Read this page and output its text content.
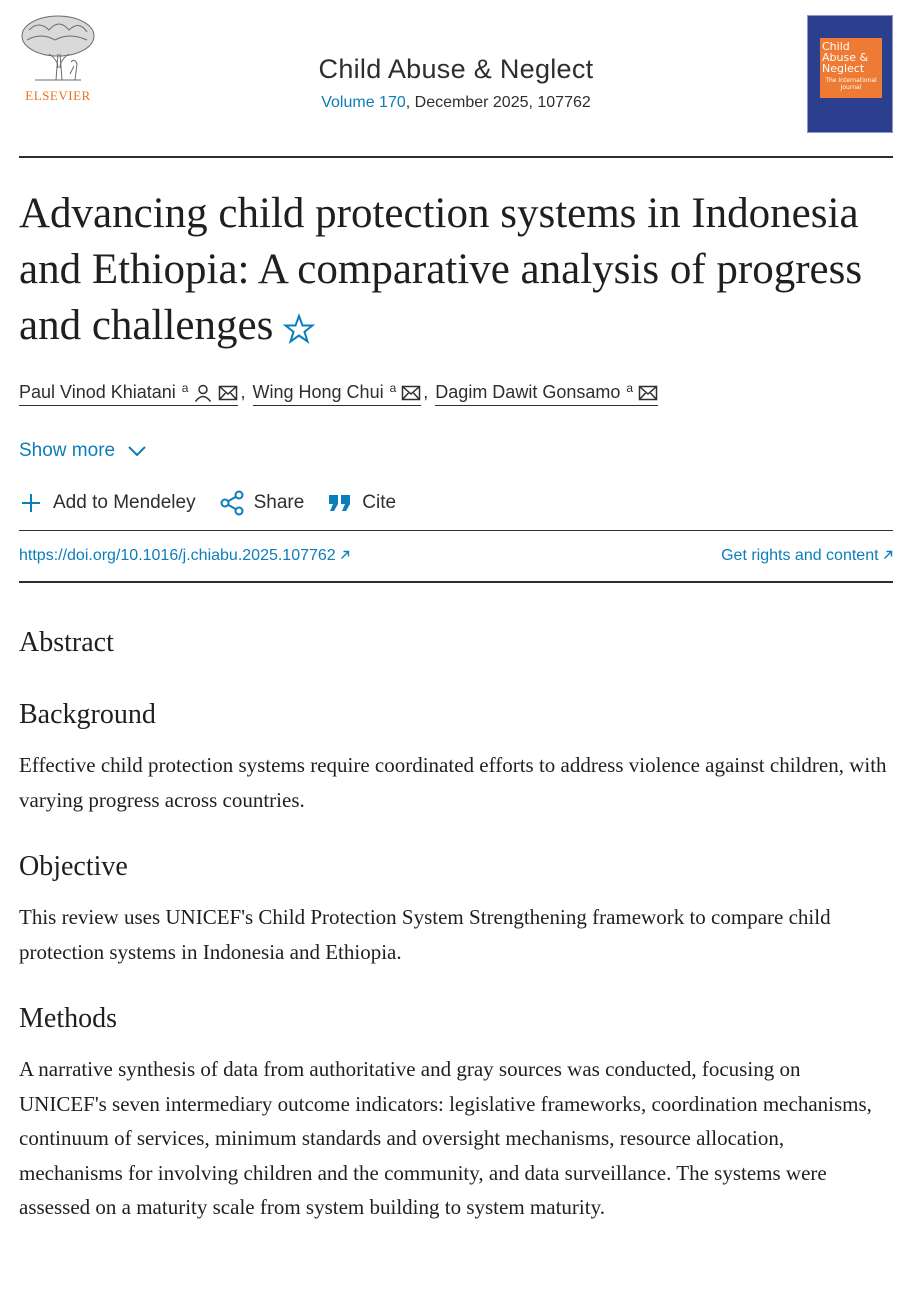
ELSEVIER
Child Abuse & Neglect
Volume 170, December 2025, 107762
Child Abuse & Neglect
The International Journal
Advancing child protection systems in Indonesia and Ethiopia: A comparative analysis of progress and challenges
Paul Vinod Khiatani $^a$	, Wing Hong Chui $^a$ , Dagim Dawit Gonsamo $^a$
Show more
Add to Mendeley	Share	Cite
https://doi.org/10.1016/j.chiabu.2025.107762	Get rights and content
Abstract
Background

Effective child protection systems require coordinated efforts to address violence against children, with varying progress across countries.

Objective

This review uses UNICEF's Child Protection System Strengthening framework to compare child protection systems in Indonesia and Ethiopia.

Methods

A narrative synthesis of data from authoritative and gray sources was conducted, focusing on UNICEF's seven intermediary outcome indicators: legislative frameworks, coordination mechanisms, continuum of services, minimum standards and oversight mechanisms, resource allocation, mechanisms for involving children and the community, and data surveillance. The systems were assessed on a maturity scale from system building to system maturity.
